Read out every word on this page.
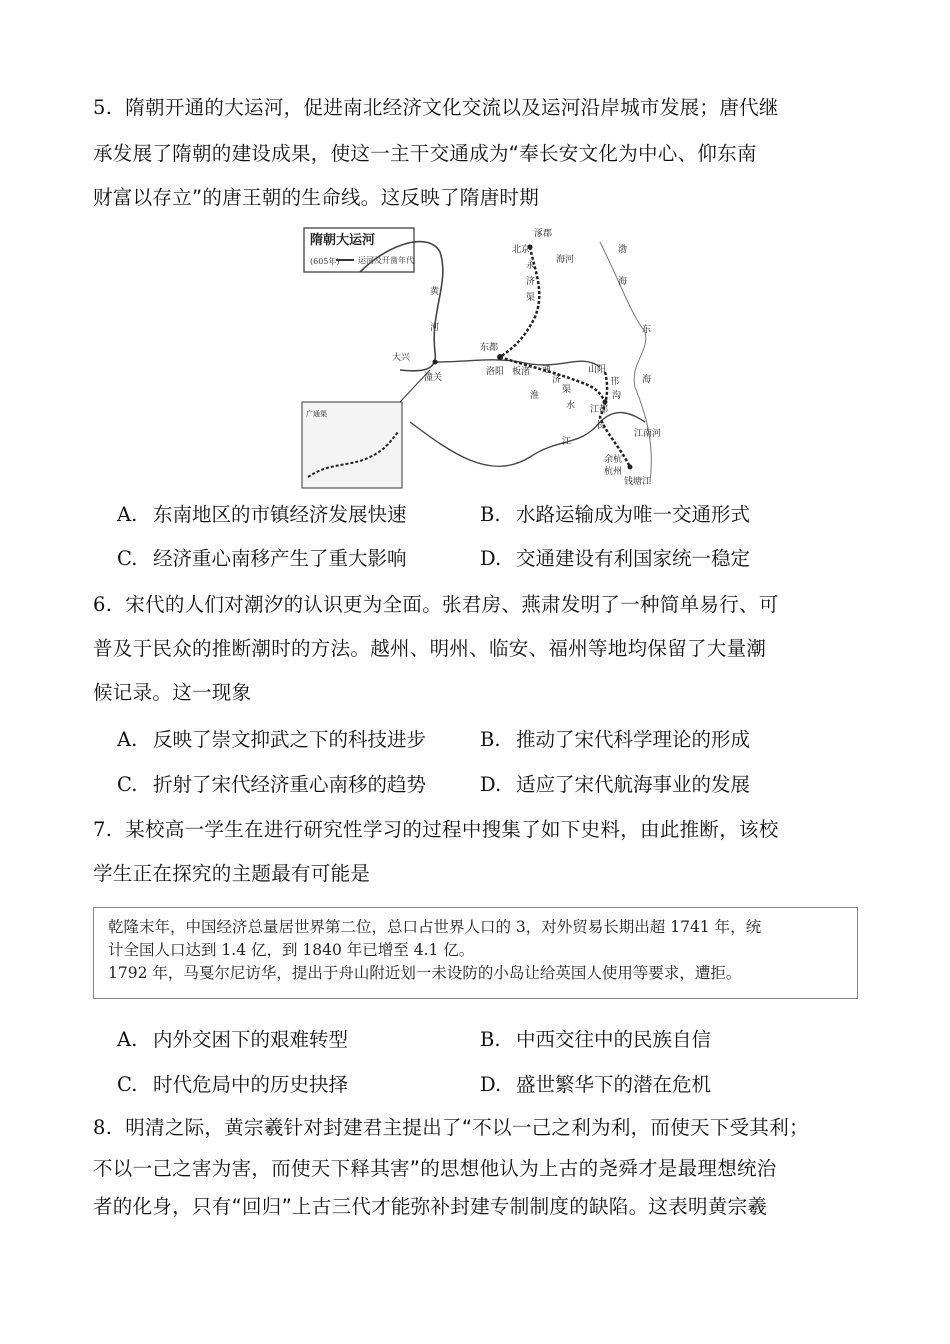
5. 隋朝开通的大运河，促进南北经济文化交流以及运河沿岸城市发展；唐代继
承发展了隋朝的建设成果，使这一主干交通成为“奉长安文化为中心、仰东南
财富以存立”的唐王朝的生命线。这反映了隋唐时期
隋朝大运河
(605年) 运河及开凿年代
涿郡
北京
永
济
渠
海河
黄
河
大兴
潼关
东都
洛阳 板渚 通
济
渠
山阳
邗
沟
江都
长
江
淮
水
江南河
余杭
杭州
钱塘江
渤
海
东
海
广通渠
A. 东南地区的市镇经济发展快速	B. 水路运输成为唯一交通形式
C. 经济重心南移产生了重大影响	D. 交通建设有利国家统一稳定
6. 宋代的人们对潮汐的认识更为全面。张君房、燕肃发明了一种简单易行、可
普及于民众的推断潮时的方法。越州、明州、临安、福州等地均保留了大量潮
候记录。这一现象
A. 反映了崇文抑武之下的科技进步	B. 推动了宋代科学理论的形成
C. 折射了宋代经济重心南移的趋势	D. 适应了宋代航海事业的发展
7. 某校高一学生在进行研究性学习的过程中搜集了如下史料，由此推断，该校
学生正在探究的主题最有可能是
乾隆末年，中国经济总量居世界第二位，总口占世界人口的 3，对外贸易长期出超 1741 年，统
计全国人口达到 1.4 亿，到 1840 年已增至 4.1 亿。
1792 年，马戛尔尼访华，提出于舟山附近划一未设防的小岛让给英国人使用等要求，遭拒。
A. 内外交困下的艰难转型	B. 中西交往中的民族自信
C. 时代危局中的历史抉择	D. 盛世繁华下的潜在危机
8. 明清之际，黄宗羲针对封建君主提出了“不以一己之利为利，而使天下受其利；
不以一己之害为害，而使天下释其害”的思想他认为上古的尧舜才是最理想统治
者的化身，只有“回归”上古三代才能弥补封建专制制度的缺陷。这表明黄宗羲
